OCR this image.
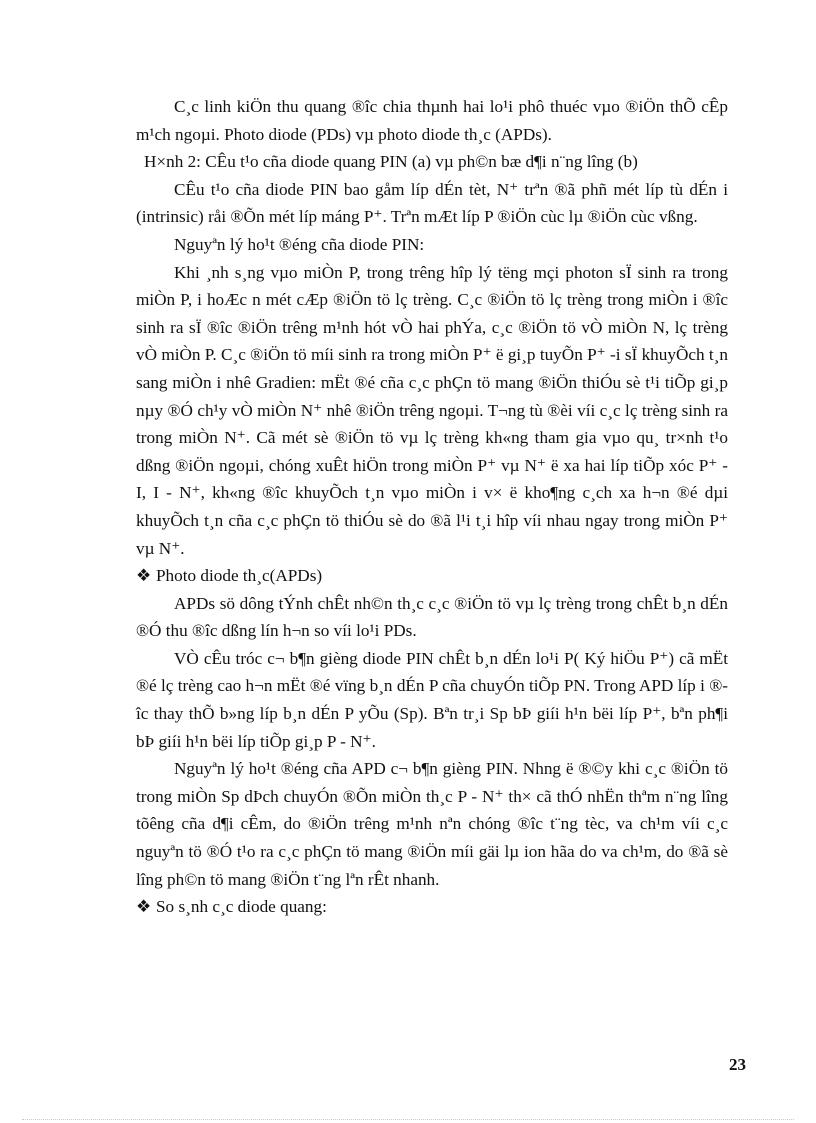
C¸c linh kiÖn thu quang ®îc chia thµnh hai lo¹i phô thuéc vµo ®iÖn thÕ cÊp m¹ch ngoµi. Photo diode (PDs) vµ photo diode th¸c (APDs).

H×nh 2: CÊu t¹o cña diode quang PIN (a) vµ ph©n bæ d¶i n¨ng lîng (b)

CÊu t¹o cña diode PIN bao gåm líp dÉn tèt, N⁺ trªn ®ã phñ mét líp tù dÉn i (intrinsic) råi ®Õn mét líp máng P⁺. Trªn mÆt líp P ®iÖn cùc lµ ®iÖn cùc vßng.

Nguyªn lý ho¹t ®éng cña diode PIN:

Khi ¸nh s¸ng vµo miÒn P, trong trêng hîp lý tëng mçi photon sÏ sinh ra trong miÒn P, i hoÆc n mét cÆp ®iÖn tö lç trèng. C¸c ®iÖn tö lç trèng trong miÒn i ®îc sinh ra sÏ ®îc ®iÖn trêng m¹nh hót vÒ hai phÝa, c¸c ®iÖn tö vÒ miÒn N, lç trèng vÒ miÒn P. C¸c ®iÖn tö míi sinh ra trong miÒn P⁺ ë gi¸p tuyÕn P⁺ -i sÏ khuyÕch t¸n sang miÒn i nhê Gradien: mËt ®é cña c¸c phÇn tö mang ®iÖn thiÓu sè t¹i tiÕp gi¸p nµy ®Ó ch¹y vÒ miÒn N⁺ nhê ®iÖn trêng ngoµi. T¬ng tù ®èi víi c¸c lç trèng sinh ra trong miÒn N⁺. Cã mét sè ®iÖn tö vµ lç trèng kh«ng tham gia vµo qu¸ tr×nh t¹o dßng ®iÖn ngoµi, chóng xuÊt hiÖn trong miÒn P⁺ vµ N⁺ ë xa hai líp tiÕp xóc P⁺ - I, I - N⁺, kh«ng ®îc khuyÕch t¸n vµo miÒn i v× ë kho¶ng c¸ch xa h¬n ®é dµi khuyÕch t¸n cña c¸c phÇn tö thiÓu sè do ®ã l¹i t¸i hîp víi nhau ngay trong miÒn P⁺ vµ N⁺.

❖ Photo diode th¸c(APDs)

APDs sö dông tÝnh chÊt nh©n th¸c c¸c ®iÖn tö vµ lç trèng trong chÊt b¸n dÉn ®Ó thu ®îc dßng lín h¬n so víi lo¹i PDs.

VÒ cÊu tróc c¬ b¶n gièng diode PIN chÊt b¸n dÉn lo¹i P( Ký hiÖu P⁺) cã mËt ®é lç trèng cao h¬n mËt ®é vïng b¸n dÉn P cña chuyÓn tiÕp PN. Trong APD líp i ®îc thay thÕ b»ng líp b¸n dÉn P yÕu (Sp). Bªn tr¸i Sp bÞ giíi h¹n bëi líp P⁺, bªn ph¶i bÞ giíi h¹n bëi líp tiÕp gi¸p P - N⁺.

Nguyªn lý ho¹t ®éng cña APD c¬ b¶n gièng PIN. Nhng ë ®©y khi c¸c ®iÖn tö trong miÒn Sp dÞch chuyÓn ®Õn miÒn th¸c P - N⁺ th× cã thÓ nhËn thªm n¨ng lîng tõêng cña d¶i cÊm, do ®iÖn trêng m¹nh nªn chóng ®îc t¨ng tèc, va ch¹m víi c¸c nguyªn tö ®Ó t¹o ra c¸c phÇn tö mang ®iÖn míi gäi lµ ion hãa do va ch¹m, do ®ã sè lîng ph©n tö mang ®iÖn t¨ng lªn rÊt nhanh.

❖ So s¸nh c¸c diode quang:

23
